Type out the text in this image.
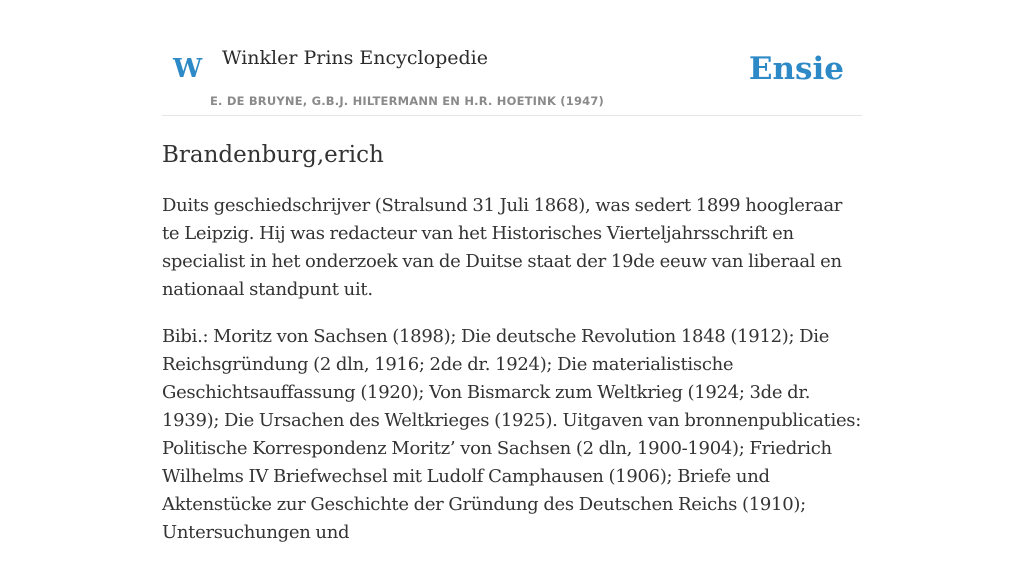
W Winkler Prins Encyclopedie
E. DE BRUYNE, G.B.J. HILTERMANN EN H.R. HOETINK (1947)
Ensie
Brandenburg,erich

Duits geschiedschrijver (Stralsund 31 Juli 1868), was sedert 1899 hoogleraar te Leipzig. Hij was redacteur van het Historisches Vierteljahrsschrift en specialist in het onderzoek van de Duitse staat der 19de eeuw van liberaal en nationaal standpunt uit.

Bibi.: Moritz von Sachsen (1898); Die deutsche Revolution 1848 (1912); Die Reichsgründung (2 dln, 1916; 2de dr. 1924); Die materialistische Geschichtsauffassung (1920); Von Bismarck zum Weltkrieg (1924; 3de dr. 1939); Die Ursachen des Weltkrieges (1925). Uitgaven van bronnenpublicaties: Politische Korrespondenz Moritz’ von Sachsen (2 dln, 1900-1904); Friedrich Wilhelms IV Briefwechsel mit Ludolf Camphausen (1906); Briefe und Aktenstücke zur Geschichte der Gründung des Deutschen Reichs (1910); Untersuchungen und
